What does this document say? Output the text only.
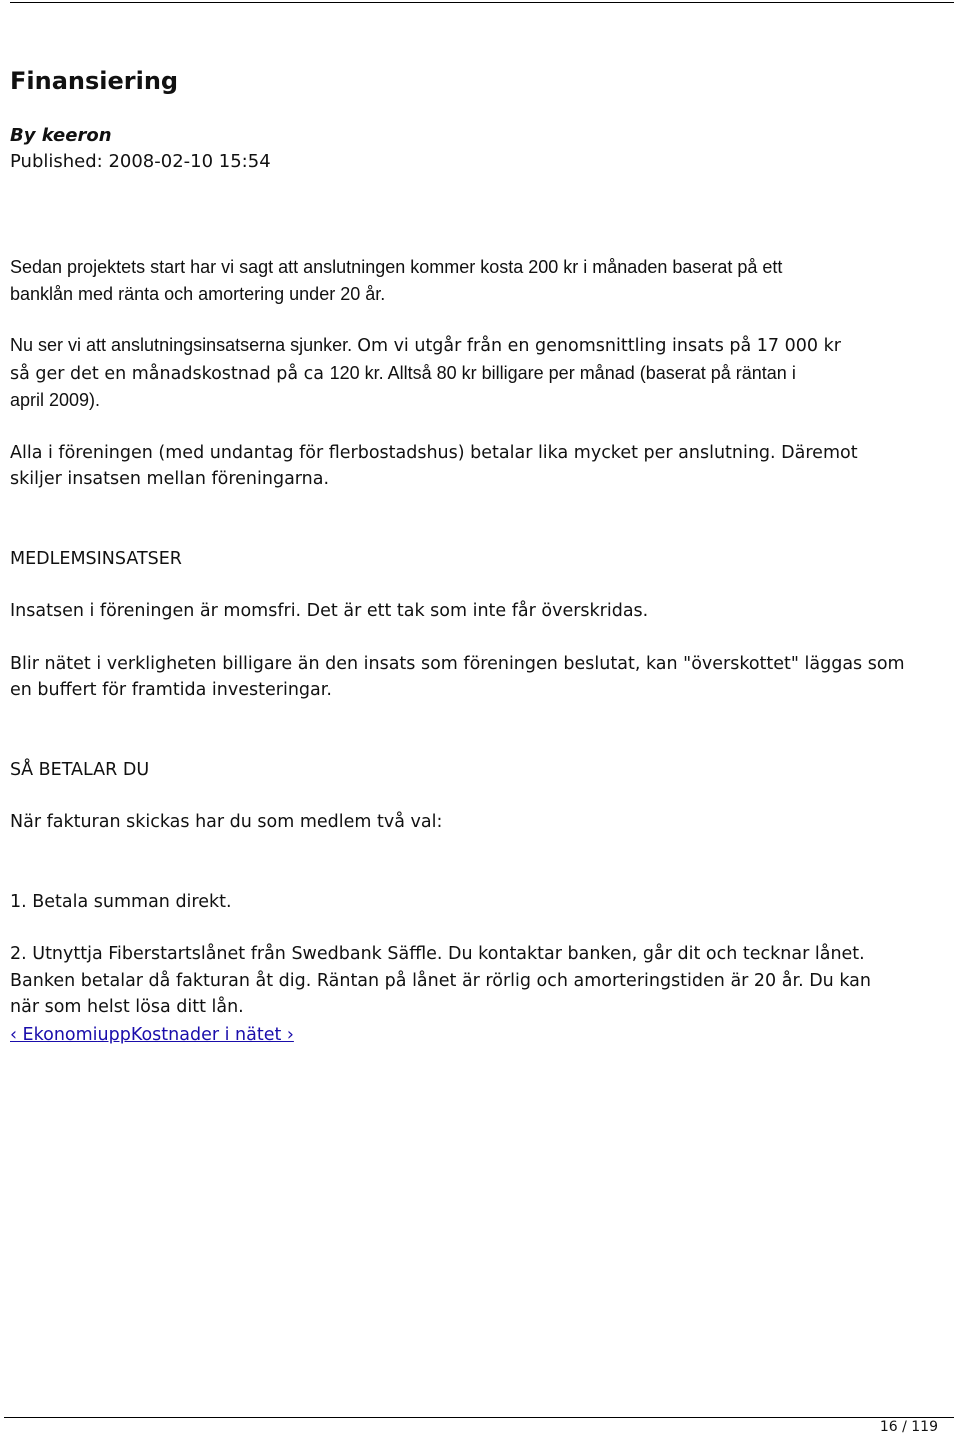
Finansiering
By keeron
Published: 2008-02-10 15:54

Sedan projektets start har vi sagt att anslutningen kommer kosta 200 kr i månaden baserat på ett

banklån med ränta och amortering under 20 år.

Nu ser vi att anslutningsinsatserna sjunker. Om vi utgår från en genomsnittling insats på 17 000 kr

så ger det en månadskostnad på ca 120 kr. Alltså 80 kr billigare per månad (baserat på räntan i

april 2009).

Alla i föreningen (med undantag för flerbostadshus) betalar lika mycket per anslutning. Däremot

skiljer insatsen mellan föreningarna.

MEDLEMSINSATSER

Insatsen i föreningen är momsfri. Det är ett tak som inte får överskridas.

Blir nätet i verkligheten billigare än den insats som föreningen beslutat, kan "överskottet" läggas som

en buffert för framtida investeringar.

SÅ BETALAR DU

När fakturan skickas har du som medlem två val:

1. Betala summan direkt.

2. Utnyttja Fiberstartslånet från Swedbank Säffle. Du kontaktar banken, går dit och tecknar lånet.

Banken betalar då fakturan åt dig. Räntan på lånet är rörlig och amorteringstiden är 20 år. Du kan

när som helst lösa ditt lån.

‹ EkonomiuppKostnader i nätet ›

16 / 119
